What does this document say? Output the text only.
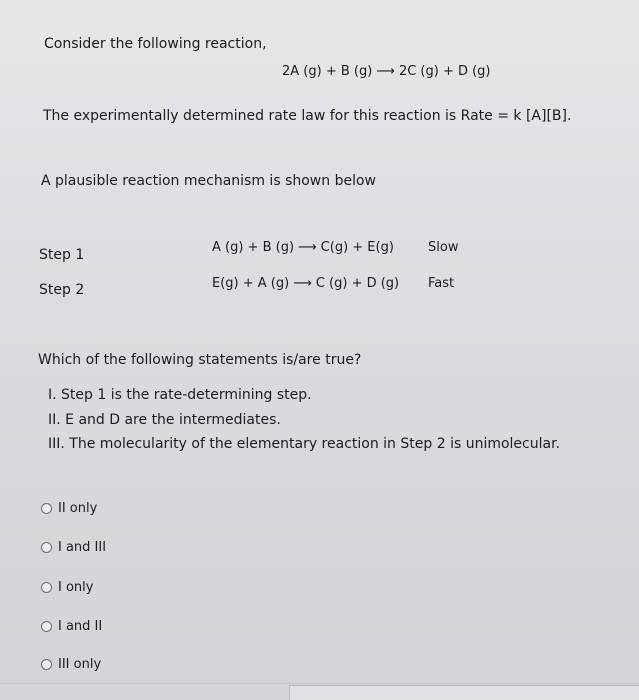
Consider the following reaction,
2A (g) + B (g) ⟶ 2C (g) + D (g)
The experimentally determined rate law for this reaction is Rate = k [A][B].
A plausible reaction mechanism is shown below
Step 1	A (g) + B (g) ⟶ C(g) + E(g)	Slow
Step 2	E(g) + A (g) ⟶ C (g) + D (g) Fast
Which of the following statements is/are true?
I. Step 1 is the rate-determining step.
II. E and D are the intermediates.
III. The molecularity of the elementary reaction in Step 2 is unimolecular.
II only
I and III
I only
I and II
III only
